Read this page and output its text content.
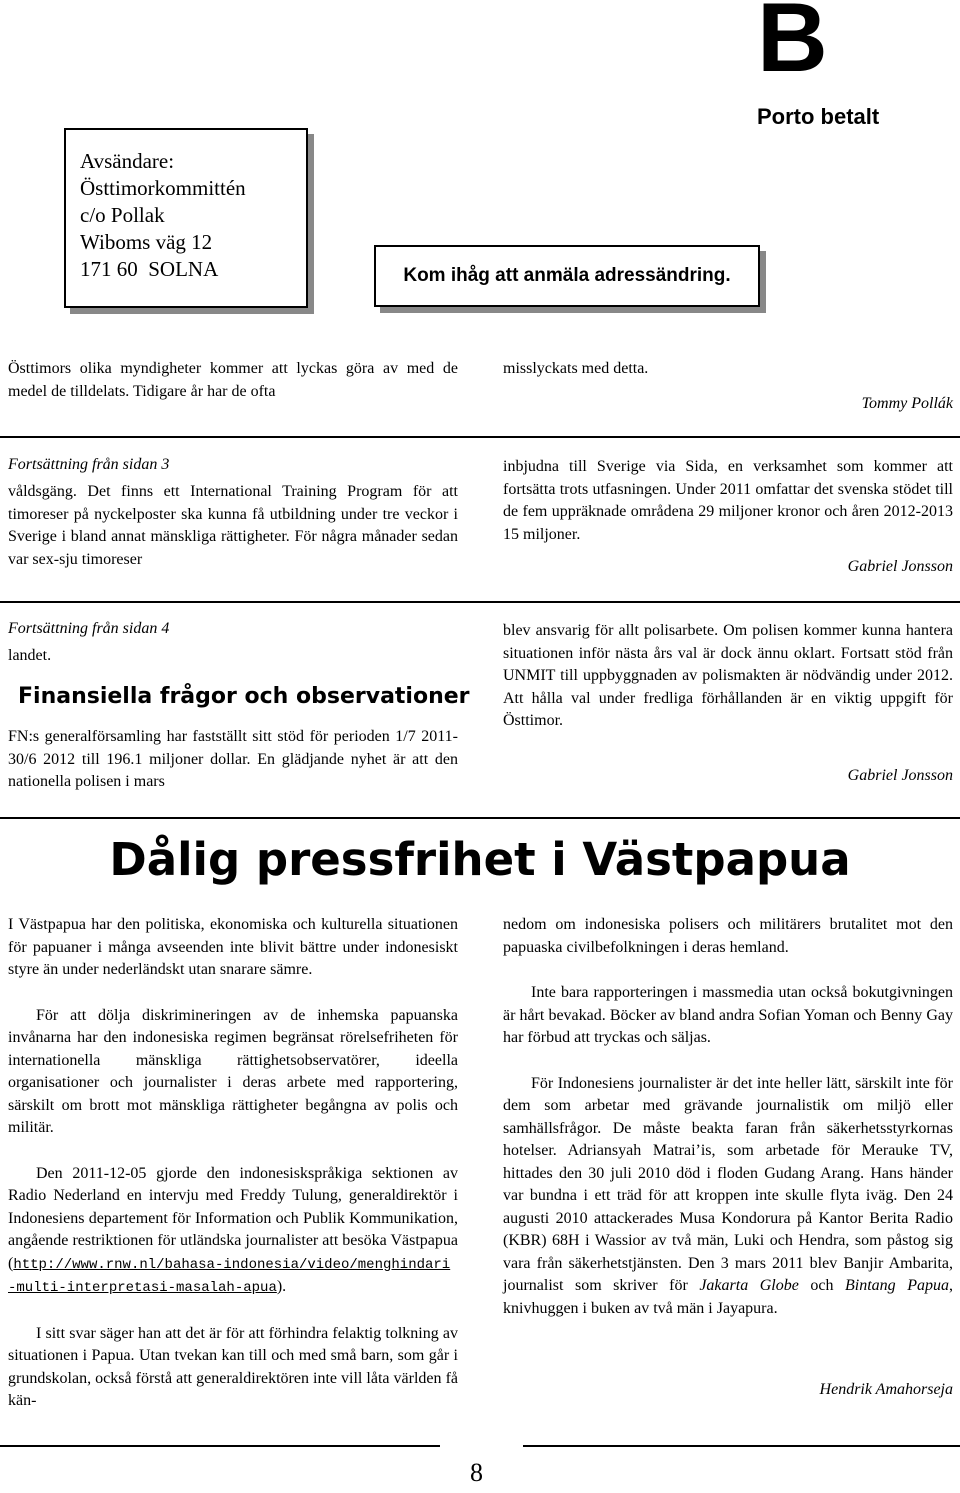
B
Porto betalt
Avsändare:
Östtimorkommittén
c/o Pollak
Wiboms väg 12
171 60  SOLNA	Kom ihåg att anmäla adressändring.

Östtimors olika myndigheter kommer att lyckas göra av med de medel de tilldelats. Tidigare år har de ofta

misslyckats med detta.

Tommy Pollák
Fortsättning från sidan 3

våldsgäng. Det finns ett International Training Program för att timoreser på nyckelposter ska kunna få utbildning under tre veckor i Sverige i bland annat mänskliga rättigheter. För några månader sedan var sex-sju timoreser

inbjudna till Sverige via Sida, en verksamhet som kommer att fortsätta trots utfasningen. Under 2011 omfattar det svenska stödet till de fem uppräknade områdena 29 miljoner kronor och åren 2012-2013 15 miljoner.

Gabriel Jonsson
Fortsättning från sidan 4
landet.
Finansiella frågor och observationer

FN:s generalförsamling har fastställt sitt stöd för perioden 1/7 2011-30/6 2012 till 196.1 miljoner dollar. En glädjande nyhet är att den nationella polisen i mars

blev ansvarig för allt polisarbete. Om polisen kommer kunna hantera situationen inför nästa års val är dock ännu oklart. Fortsatt stöd från UNMIT till uppbyggnaden av polismakten är nödvändig under 2012. Att hålla val under fredliga förhållanden är en viktig uppgift för Östtimor.

Gabriel Jonsson
Dålig pressfrihet i Västpapua

I Västpapua har den politiska, ekonomiska och kulturella situationen för papuaner i många avseenden inte blivit bättre under indonesiskt styre än under nederländskt utan snarare sämre.

För att dölja diskrimineringen av de inhemska papuanska invånarna har den indonesiska regimen begränsat rörelsefriheten för internationella mänskliga rättighetsobservatörer, ideella organisationer och journalister i deras arbete med rapportering, särskilt om brott mot mänskliga rättigheter begångna av polis och militär.

Den 2011-12-05 gjorde den indonesiskspråkiga sektionen av Radio Nederland en intervju med Freddy Tulung, generaldirektör i Indonesiens departement för Information och Publik Kommunikation, angående restriktionen för utländska journalister att besöka Västpapua (http://www.rnw.nl/bahasa-indonesia/video/menghindari-multi-interpretasi-masalah-apua).

I sitt svar säger han att det är för att förhindra felaktig tolkning av situationen i Papua. Utan tvekan kan till och med små barn, som går i grundskolan, också förstå att generaldirektören inte vill låta världen få kän-

nedom om indonesiska polisers och militärers brutalitet mot den papuaska civilbefolkningen i deras hemland.

Inte bara rapporteringen i massmedia utan också bokutgivningen är hårt bevakad. Böcker av bland andra Sofian Yoman och Benny Gay har förbud att tryckas och säljas.

För Indonesiens journalister är det inte heller lätt, särskilt inte för dem som arbetar med grävande journalistik om miljö eller samhällsfrågor. De måste beakta faran från säkerhetsstyrkornas hotelser. Adriansyah Matrai’is, som arbetade för Merauke TV, hittades den 30 juli 2010 död i floden Gudang Arang. Hans händer var bundna i ett träd för att kroppen inte skulle flyta iväg. Den 24 augusti 2010 attackerades Musa Kondorura på Kantor Berita Radio (KBR) 68H i Wassior av två män, Luki och Hendra, som påstog sig vara från säkerhetstjänsten. Den 3 mars 2011 blev Banjir Ambarita, journalist som skriver för Jakarta Globe och Bintang Papua, knivhuggen i buken av två män i Jayapura.

Hendrik Amahorseja
8
